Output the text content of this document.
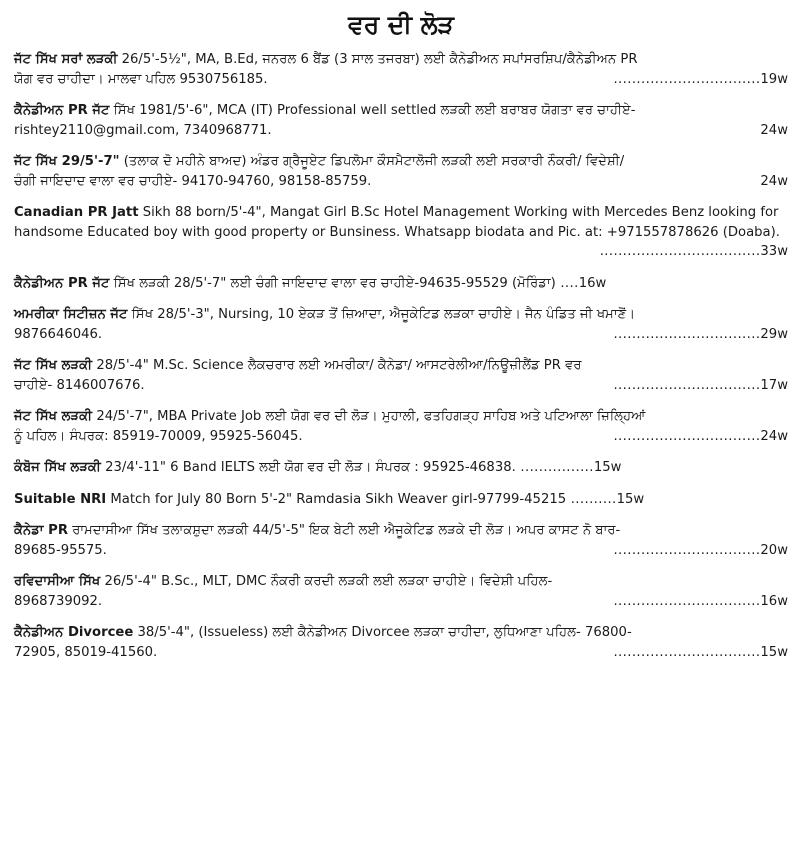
ਵਰ ਦੀ ਲੋੜ
ਜੱਟ ਸਿੱਖ ਸਰਾਂ ਲੜਕੀ 26/5'-5½", MA, B.Ed, ਜਨਰਲ 6 ਬੈਂਡ (3 ਸਾਲ ਤਜਰਬਾ) ਲਈ ਕੈਨੇਡੀਅਨ ਸਪਾਂਸਰਸ਼ਿਪ/ਕੈਨੇਡੀਅਨ PR
ਯੋਗ ਵਰ ਚਾਹੀਦਾ। ਮਾਲਵਾ ਪਹਿਲ 9530756185.	................................19w
ਕੈਨੇਡੀਅਨ PR ਜੱਟ ਸਿੱਖ 1981/5'-6", MCA (IT) Professional well settled ਲੜਕੀ ਲਈ ਬਰਾਬਰ ਯੋਗਤਾ ਵਰ ਚਾਹੀਏ-
rishtey2110@gmail.com, 7340968771.	24w
ਜੱਟ ਸਿੱਖ 29/5'-7" (ਤਲਾਕ ਦੋ ਮਹੀਨੇ ਬਾਅਦ) ਅੰਡਰ ਗ੍ਰੈਜੂਏਟ ਡਿਪਲੋਮਾ ਕੌਸਮੈਟਾਲੋਜੀ ਲੜਕੀ ਲਈ ਸਰਕਾਰੀ ਨੌਕਰੀ/ ਵਿਦੇਸ਼ੀ/
ਚੰਗੀ ਜਾਇਦਾਦ ਵਾਲਾ ਵਰ ਚਾਹੀਏ- 94170-94760, 98158-85759.	24w
Canadian PR Jatt Sikh 88 born/5'-4", Mangat Girl B.Sc Hotel Management Working with Mercedes Benz looking for handsome Educated boy with good property or Bunsiness. Whatsapp biodata and Pic. at: +971557878626 (Doaba).
...................................33w
ਕੈਨੇਡੀਅਨ PR ਜੱਟ ਸਿੱਖ ਲੜਕੀ 28/5'-7" ਲਈ ਚੰਗੀ ਜਾਇਦਾਦ ਵਾਲਾ ਵਰ ਚਾਹੀਏ-94635-95529 (ਮੋਰਿੰਡਾ) ....16w
ਅਮਰੀਕਾ ਸਿਟੀਜ਼ਨ ਜੱਟ ਸਿੱਖ 28/5'-3", Nursing, 10 ਏਕੜ ਤੋਂ ਜ਼ਿਆਦਾ, ਐਜੂਕੇਟਿਡ ਲੜਕਾ ਚਾਹੀਏ। ਜੈਨ ਪੰਡਿਤ ਜੀ ਖਮਾਣੋਂ।
9876646046.	................................29w
ਜੱਟ ਸਿੱਖ ਲੜਕੀ 28/5'-4" M.Sc. Science ਲੈਕਚਰਾਰ ਲਈ ਅਮਰੀਕਾ/ ਕੈਨੇਡਾ/ ਆਸਟਰੇਲੀਆ/ਨਿਊਜ਼ੀਲੈਂਡ PR ਵਰ
ਚਾਹੀਏ- 8146007676.	................................17w
ਜੱਟ ਸਿੱਖ ਲੜਕੀ 24/5'-7", MBA Private Job ਲਈ ਯੋਗ ਵਰ ਦੀ ਲੋੜ। ਮੁਹਾਲੀ, ਫਤਹਿਗੜ੍ਹ ਸਾਹਿਬ ਅਤੇ ਪਟਿਆਲਾ ਜ਼ਿਲ੍ਹਿਆਂ
ਨੂੰ ਪਹਿਲ। ਸੰਪਰਕ: 85919-70009, 95925-56045.	................................24w
ਕੰਬੋਜ ਸਿੱਖ ਲੜਕੀ 23/4'-11" 6 Band IELTS ਲਈ ਯੋਗ ਵਰ ਦੀ ਲੋੜ। ਸੰਪਰਕ : 95925-46838. ................15w
Suitable NRI Match for July 80 Born 5'-2" Ramdasia Sikh Weaver girl-97799-45215 ..........15w
ਕੈਨੇਡਾ PR ਰਾਮਦਾਸੀਆ ਸਿੱਖ ਤਲਾਕਸ਼ੁਦਾ ਲੜਕੀ 44/5'-5" ਇਕ ਬੇਟੀ ਲਈ ਐਜੂਕੇਟਿਡ ਲੜਕੇ ਦੀ ਲੋੜ। ਅਪਰ ਕਾਸਟ ਨੋ ਬਾਰ-
89685-95575.	................................20w
ਰਵਿਦਾਸੀਆ ਸਿੱਖ 26/5'-4" B.Sc., MLT, DMC ਨੌਕਰੀ ਕਰਦੀ ਲੜਕੀ ਲਈ ਲੜਕਾ ਚਾਹੀਏ। ਵਿਦੇਸ਼ੀ ਪਹਿਲ-
8968739092.	................................16w
ਕੈਨੇਡੀਅਨ Divorcee 38/5'-4", (Issueless) ਲਈ ਕੈਨੇਡੀਅਨ Divorcee ਲੜਕਾ ਚਾਹੀਦਾ, ਲੁਧਿਆਣਾ ਪਹਿਲ- 76800-
72905, 85019-41560.	................................15w
